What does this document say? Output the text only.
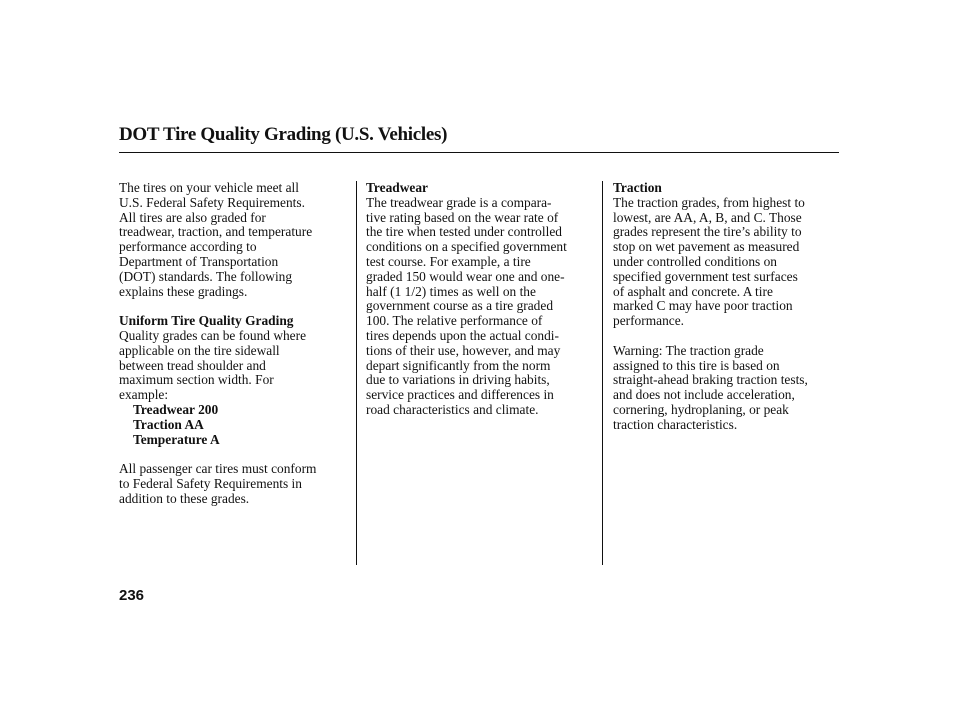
DOT Tire Quality Grading (U.S. Vehicles)

The tires on your vehicle meet all
U.S. Federal Safety Requirements.
All tires are also graded for
treadwear, traction, and temperature
performance according to
Department of Transportation
(DOT) standards. The following
explains these gradings.

Uniform Tire Quality Grading

Quality grades can be found where
applicable on the tire sidewall
between tread shoulder and
maximum section width. For
example:

Treadwear 200

Traction AA

Temperature A

All passenger car tires must conform
to Federal Safety Requirements in
addition to these grades.

Treadwear

The treadwear grade is a compara-
tive rating based on the wear rate of
the tire when tested under controlled
conditions on a specified government
test course. For example, a tire
graded 150 would wear one and one-
half (1 1/2) times as well on the
government course as a tire graded
100. The relative performance of
tires depends upon the actual condi-
tions of their use, however, and may
depart significantly from the norm
due to variations in driving habits,
service practices and differences in
road characteristics and climate.

Traction

The traction grades, from highest to
lowest, are AA, A, B, and C. Those
grades represent the tire’s ability to
stop on wet pavement as measured
under controlled conditions on
specified government test surfaces
of asphalt and concrete. A tire
marked C may have poor traction
performance.

Warning: The traction grade
assigned to this tire is based on
straight-ahead braking traction tests,
and does not include acceleration,
cornering, hydroplaning, or peak
traction characteristics.

236
